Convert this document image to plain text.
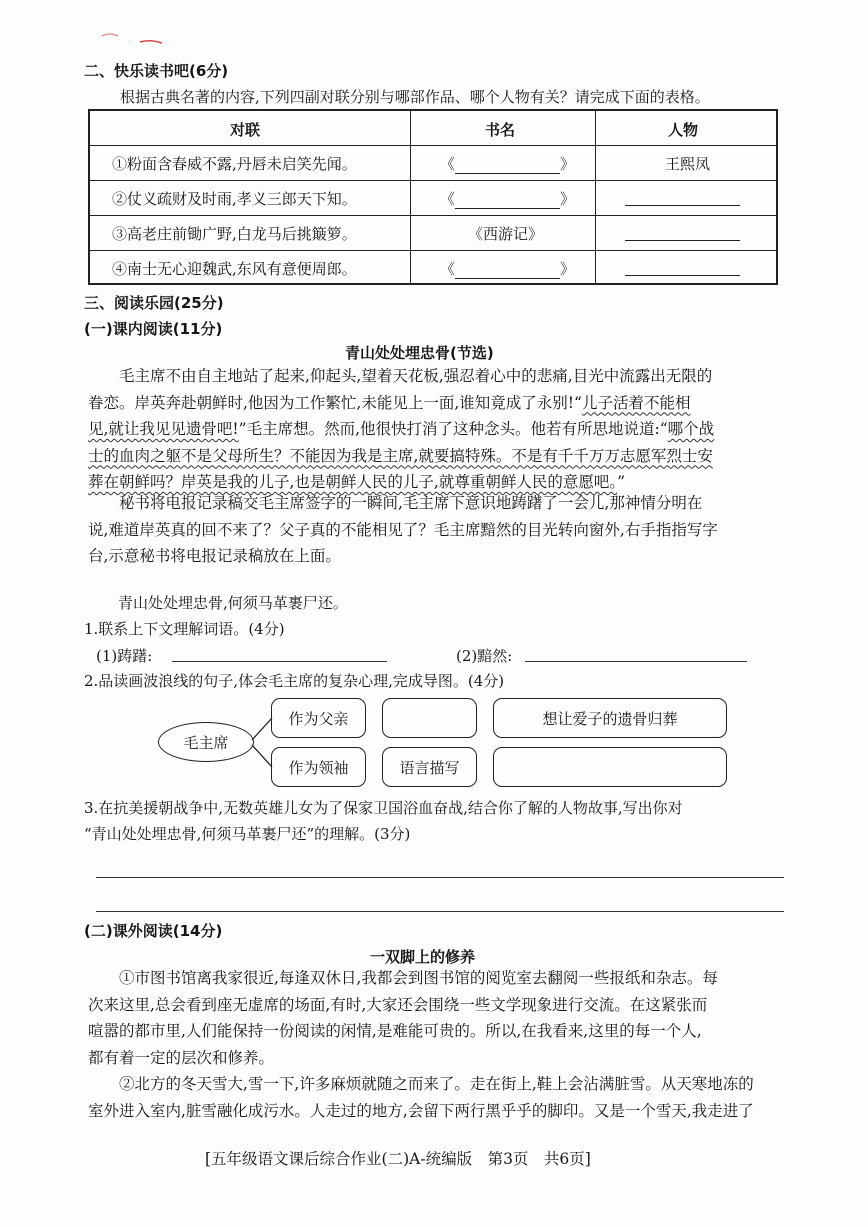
二、快乐读书吧(6分)
根据古典名著的内容,下列四副对联分别与哪部作品、哪个人物有关？请完成下面的表格。
对联	书名	人物
①粉面含春威不露,丹唇未启笑先闻。	《	》	王熙凤
②仗义疏财及时雨,孝义三郎天下知。	《	》
③高老庄前锄广野,白龙马后挑簸箩。	《西游记》
④南士无心迎魏武,东风有意便周郎。	《	》
三、阅读乐园(25分)
(一)课内阅读(11分)
青山处处埋忠骨(节选)
毛主席不由自主地站了起来,仰起头,望着天花板,强忍着心中的悲痛,目光中流露出无限的
眷恋。岸英奔赴朝鲜时,他因为工作繁忙,未能见上一面,谁知竟成了永别!“儿子活着不能相
见,就让我见见遗骨吧!”毛主席想。然而,他很快打消了这种念头。他若有所思地说道:“哪个战
士的血肉之躯不是父母所生？不能因为我是主席,就要搞特殊。不是有千千万万志愿军烈士安
葬在朝鲜吗？岸英是我的儿子,也是朝鲜人民的儿子,就尊重朝鲜人民的意愿吧。”
秘书将电报记录稿交毛主席签字的一瞬间,毛主席下意识地踌躇了一会儿,那神情分明在
说,难道岸英真的回不来了？父子真的不能相见了？毛主席黯然的目光转向窗外,右手指指写字
台,示意秘书将电报记录稿放在上面。
青山处处埋忠骨,何须马革裹尸还。
1.联系上下文理解词语。(4分)
(1)踌躇:	(2)黯然:
2.品读画波浪线的句子,体会毛主席的复杂心理,完成导图。(4分)
毛主席
作为父亲
作为领袖	语言描写
想让爱子的遗骨归葬
3.在抗美援朝战争中,无数英雄儿女为了保家卫国浴血奋战,结合你了解的人物故事,写出你对
“青山处处埋忠骨,何须马革裹尸还”的理解。(3分)
(二)课外阅读(14分)
一双脚上的修养
①市图书馆离我家很近,每逢双休日,我都会到图书馆的阅览室去翻阅一些报纸和杂志。每
次来这里,总会看到座无虚席的场面,有时,大家还会围绕一些文学现象进行交流。在这紧张而
喧嚣的都市里,人们能保持一份阅读的闲情,是难能可贵的。所以,在我看来,这里的每一个人,
都有着一定的层次和修养。
②北方的冬天雪大,雪一下,许多麻烦就随之而来了。走在街上,鞋上会沾满脏雪。从天寒地冻的
室外进入室内,脏雪融化成污水。人走过的地方,会留下两行黑乎乎的脚印。又是一个雪天,我走进了
[五年级语文课后综合作业(二)A-统编版　第3页　共6页]
